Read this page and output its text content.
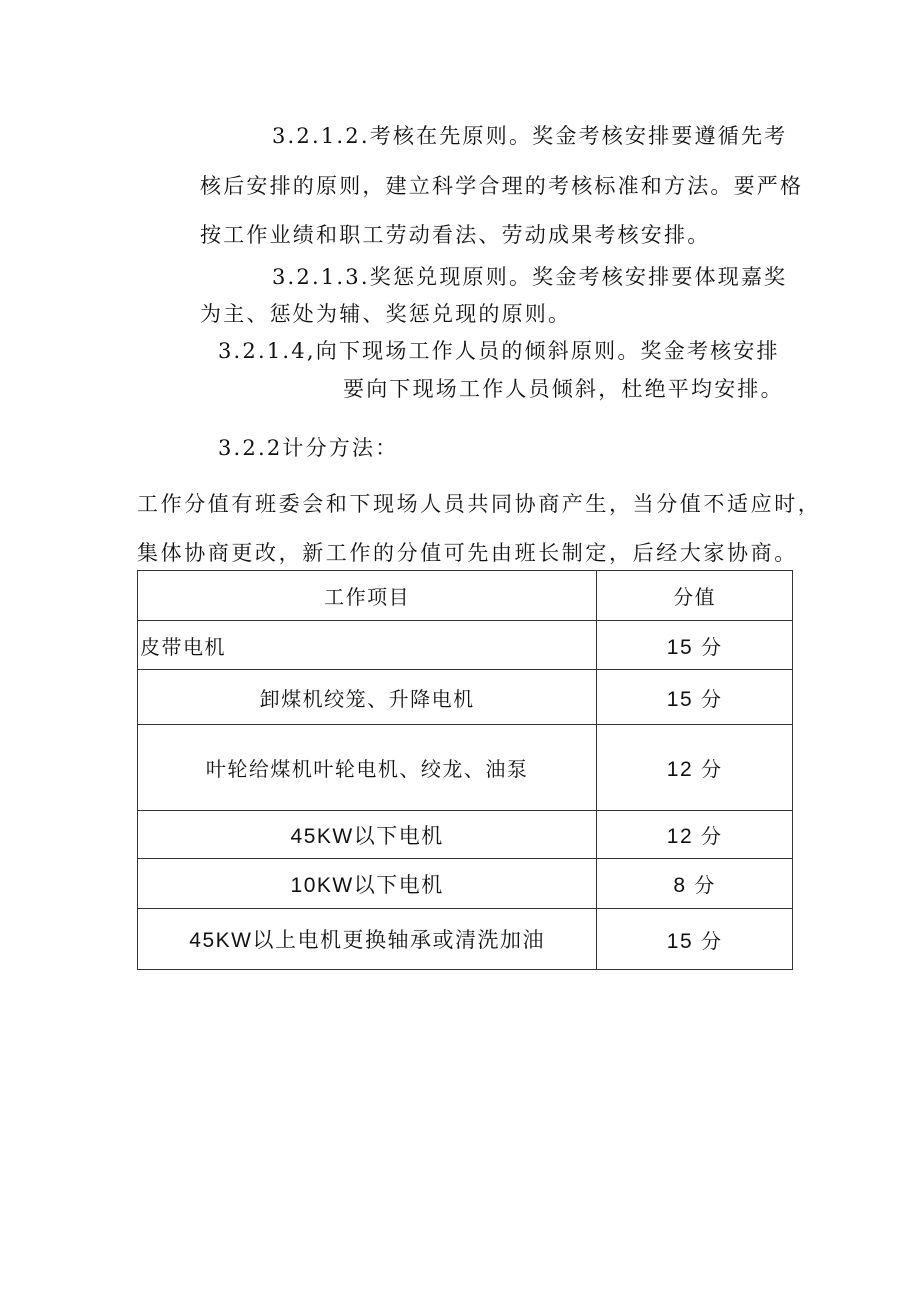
3.2.1.2.考核在先原则。奖金考核安排要遵循先考
核后安排的原则，建立科学合理的考核标准和方法。要严格
按工作业绩和职工劳动看法、劳动成果考核安排。
3.2.1.3.奖惩兑现原则。奖金考核安排要体现嘉奖
为主、惩处为辅、奖惩兑现的原则。
3.2.1.4,向下现场工作人员的倾斜原则。奖金考核安排
要向下现场工作人员倾斜，杜绝平均安排。
3.2.2计分方法：
工作分值有班委会和下现场人员共同协商产生，当分值不适应时，
集体协商更改，新工作的分值可先由班长制定，后经大家协商。
工作项目	分值
皮带电机	15 分
卸煤机绞笼、升降电机	15 分
叶轮给煤机叶轮电机、绞龙、油泵	12 分
45KW以下电机	12 分
10KW以下电机	8 分
45KW以上电机更换轴承或清洗加油	15 分
